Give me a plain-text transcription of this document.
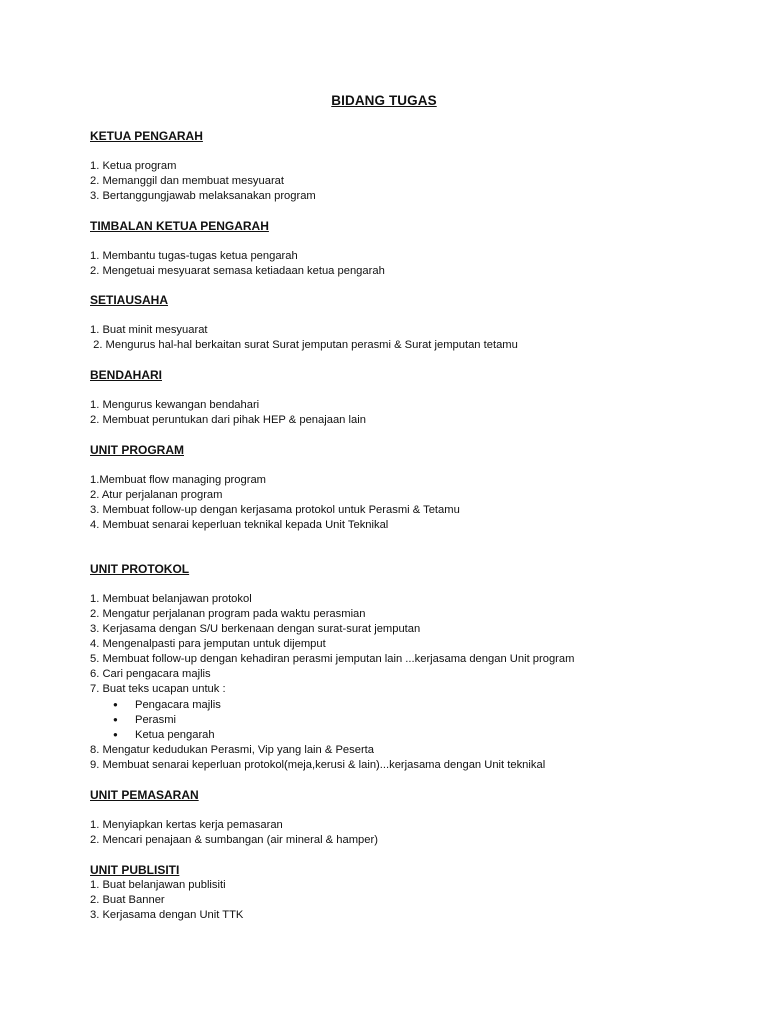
BIDANG TUGAS
KETUA PENGARAH
1. Ketua program
2. Memanggil dan membuat mesyuarat
3. Bertanggungjawab melaksanakan program
TIMBALAN KETUA PENGARAH
1. Membantu tugas-tugas ketua pengarah
2. Mengetuai mesyuarat semasa ketiadaan ketua pengarah
SETIAUSAHA
1. Buat minit mesyuarat
2. Mengurus hal-hal berkaitan surat Surat jemputan perasmi & Surat jemputan tetamu
BENDAHARI
1. Mengurus kewangan bendahari
2. Membuat peruntukan dari pihak HEP & penajaan lain
UNIT PROGRAM
1.Membuat flow managing program
2. Atur perjalanan program
3. Membuat follow-up dengan kerjasama protokol untuk Perasmi & Tetamu
4. Membuat senarai keperluan teknikal kepada Unit Teknikal
UNIT PROTOKOL
1. Membuat belanjawan protokol
2. Mengatur perjalanan program pada waktu perasmian
3. Kerjasama dengan S/U berkenaan dengan surat-surat jemputan
4. Mengenalpasti para jemputan untuk dijemput
5. Membuat follow-up dengan kehadiran perasmi jemputan lain ...kerjasama dengan Unit program
6. Cari pengacara majlis
7. Buat teks ucapan untuk :
● Pengacara majlis
● Perasmi
● Ketua pengarah
8. Mengatur kedudukan Perasmi, Vip yang lain & Peserta
9. Membuat senarai keperluan protokol(meja,kerusi & lain)...kerjasama dengan Unit teknikal
UNIT PEMASARAN
1. Menyiapkan kertas kerja pemasaran
2. Mencari penajaan & sumbangan (air mineral & hamper)
UNIT PUBLISITI
1. Buat belanjawan publisiti
2. Buat Banner
3. Kerjasama dengan Unit TTK
